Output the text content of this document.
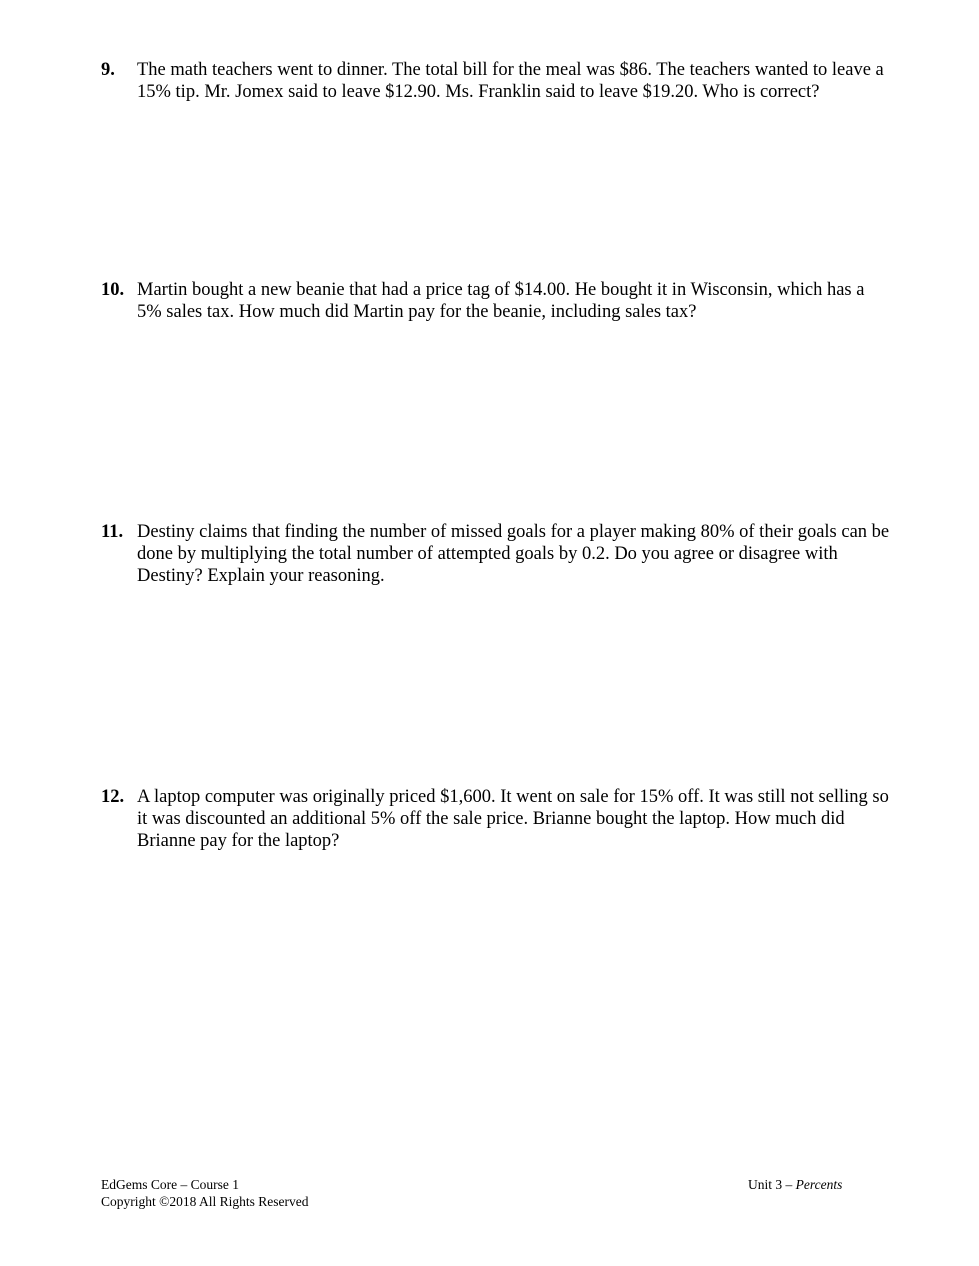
9. The math teachers went to dinner. The total bill for the meal was $86. The teachers wanted to leave a 15% tip. Mr. Jomex said to leave $12.90. Ms. Franklin said to leave $19.20. Who is correct?
10. Martin bought a new beanie that had a price tag of $14.00. He bought it in Wisconsin, which has a 5% sales tax. How much did Martin pay for the beanie, including sales tax?
11. Destiny claims that finding the number of missed goals for a player making 80% of their goals can be done by multiplying the total number of attempted goals by 0.2. Do you agree or disagree with Destiny? Explain your reasoning.
12. A laptop computer was originally priced $1,600. It went on sale for 15% off. It was still not selling so it was discounted an additional 5% off the sale price. Brianne bought the laptop. How much did Brianne pay for the laptop?
EdGems Core – Course 1
Copyright ©2018 All Rights Reserved
Unit 3 – Percents
